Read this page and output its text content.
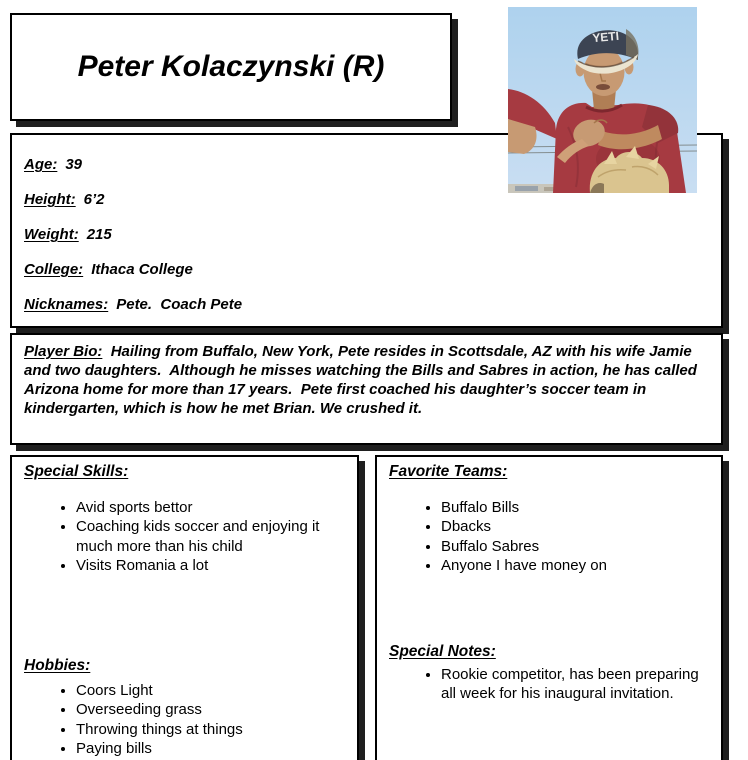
Peter Kolaczynski (R)
YETI
Age: 39
Height: 6’2
Weight: 215
College: Ithaca College
Nicknames: Pete.  Coach Pete
Player Bio: Hailing from Buffalo, New York, Pete resides in Scottsdale, AZ with his wife Jamie and two daughters.  Although he misses watching the Bills and Sabres in action, he has called Arizona home for more than 17 years.  Pete first coached his daughter’s soccer team in kindergarten, which is how he met Brian. We crushed it.
Special Skills:
• Avid sports bettor
• Coaching kids soccer and enjoying it much more than his child
• Visits Romania a lot
Hobbies:
• Coors Light
• Overseeding grass
• Throwing things at things
• Paying bills
Favorite Teams:
• Buffalo Bills
• Dbacks
• Buffalo Sabres
• Anyone I have money on
Special Notes:
• Rookie competitor, has been preparing all week for his inaugural invitation.
